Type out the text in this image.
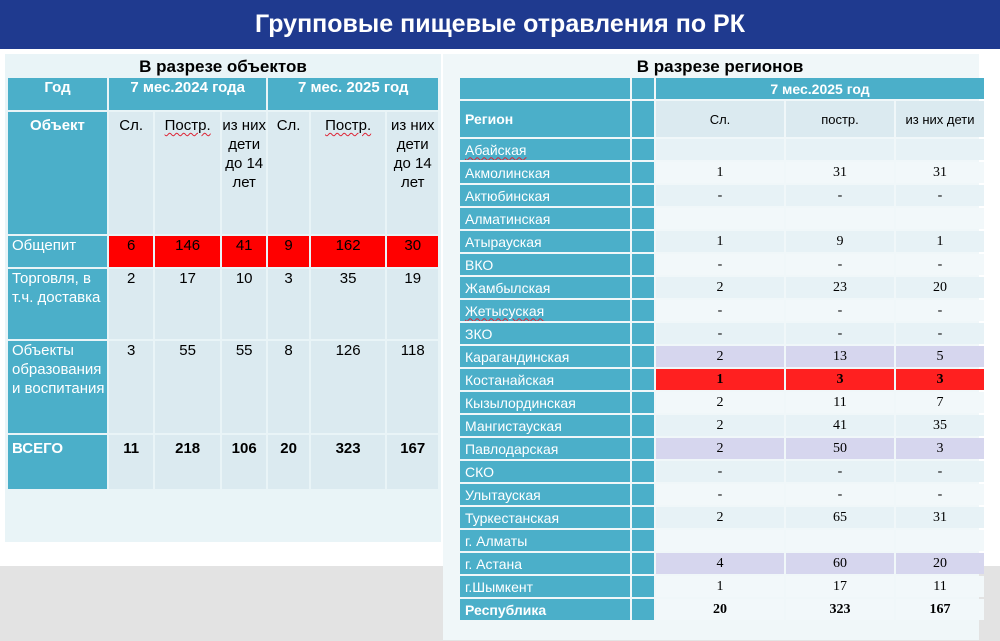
Групповые пищевые отравления по РК
В разрезе объектов	В разрезе регионов
Год	7 мес.2024 года			7 мес. 2025 год		
Объект	Сл.	Постр.	из них дети до 14 лет	Сл.	Постр.	из них дети до 14 лет
Общепит	6	146	41	9	162	30
Торговля, в т.ч. доставка	2	17	10	3	35	19
Объекты образования и воспитания	3	55	55	8	126	118
ВСЕГО	11	218	106	20	323	167
		7 мес.2025 год		
Регион		Сл.	постр.	из них дети
Абайская				
Акмолинская		1	31	31
Актюбинская		-	-	-
Алматинская				
Атырауская		1	9	1
ВКО		-	-	-
Жамбылская		2	23	20
Жетысуская		-	-	-
ЗКО		-	-	-
Карагандинская		2	13	5
Костанайская		1	3	3
Кызылординская		2	11	7
Мангистауская		2	41	35
Павлодарская		2	50	3
СКО		-	-	-
Улытауская		-	-	-
Туркестанская		2	65	31
г. Алматы				
г. Астана		4	60	20
г.Шымкент		1	17	11
Республика		20	323	167
